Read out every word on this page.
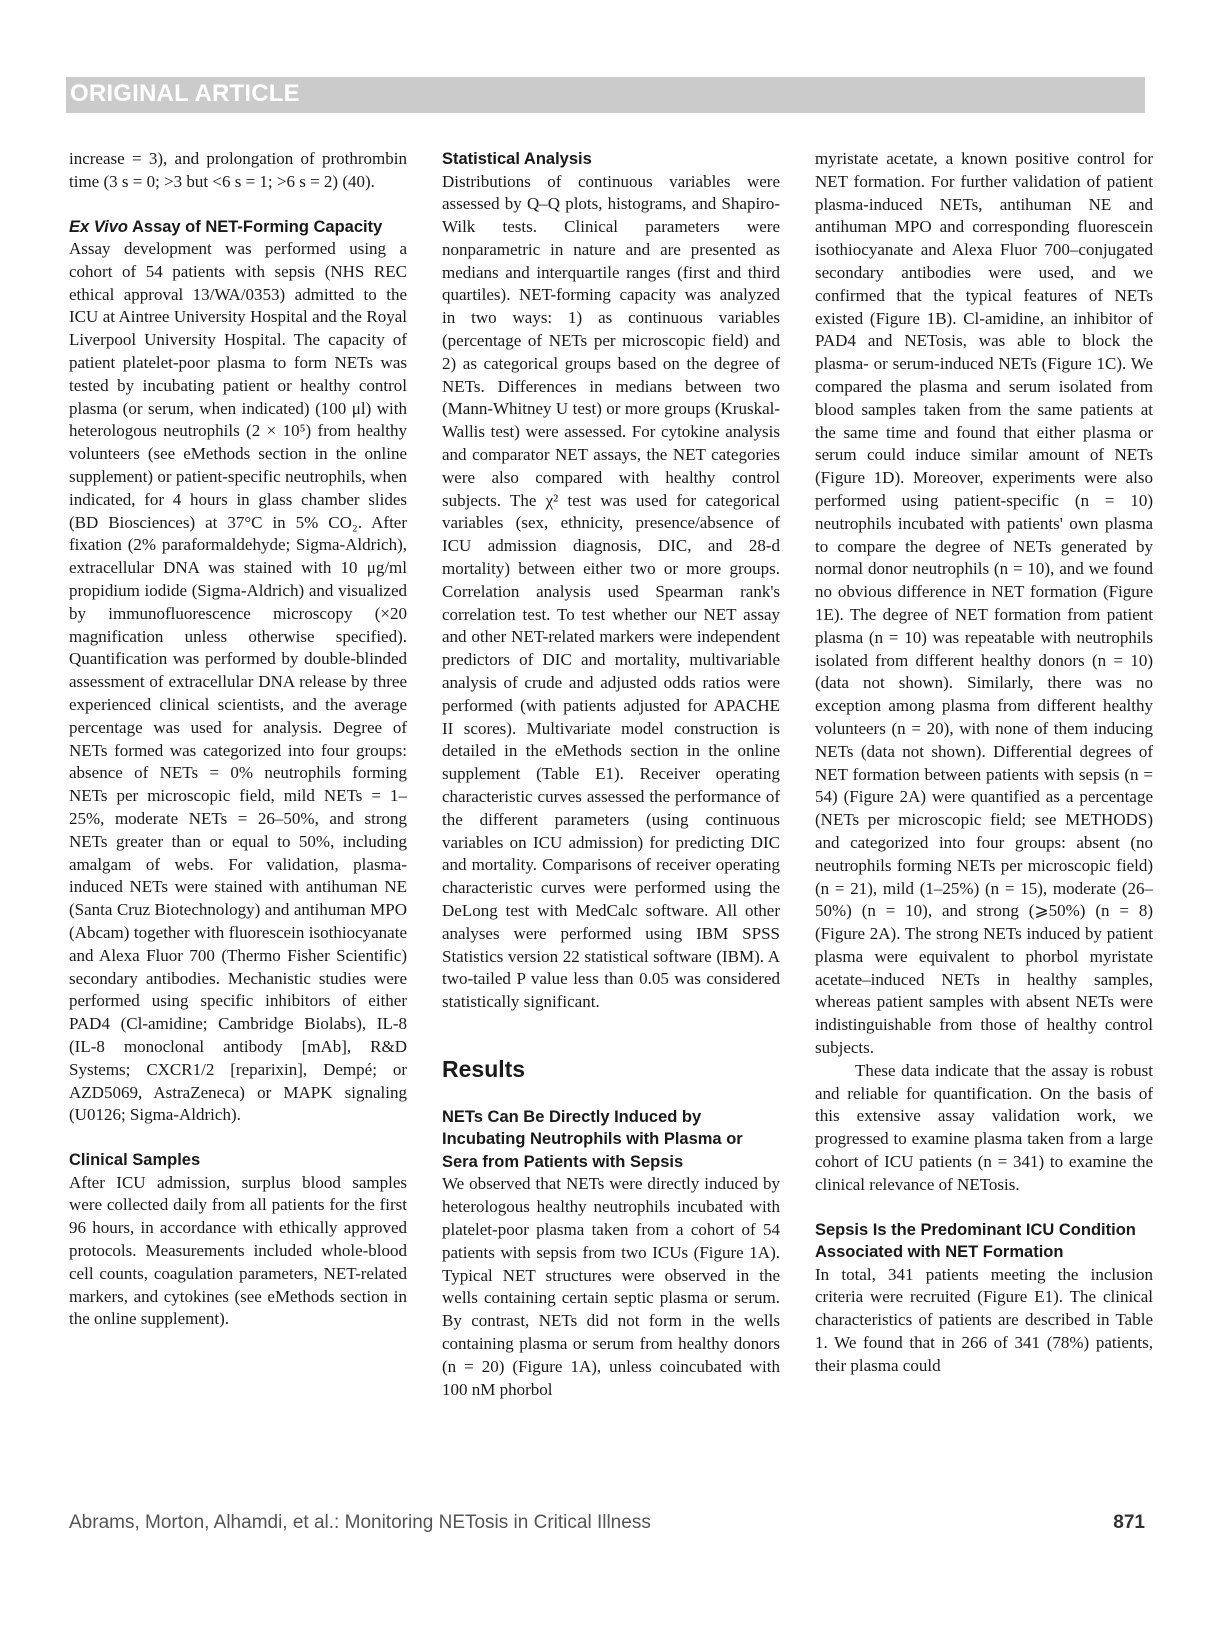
ORIGINAL ARTICLE

increase = 3), and prolongation of prothrombin time (3 s = 0; >3 but <6 s = 1; >6 s = 2) (40).

Ex Vivo Assay of NET-Forming Capacity

Assay development was performed using a cohort of 54 patients with sepsis (NHS REC ethical approval 13/WA/0353) admitted to the ICU at Aintree University Hospital and the Royal Liverpool University Hospital. The capacity of patient platelet-poor plasma to form NETs was tested by incubating patient or healthy control plasma (or serum, when indicated) (100 μl) with heterologous neutrophils (2 × 10⁵) from healthy volunteers (see eMethods section in the online supplement) or patient-specific neutrophils, when indicated, for 4 hours in glass chamber slides (BD Biosciences) at 37°C in 5% CO₂. After fixation (2% paraformaldehyde; Sigma-Aldrich), extracellular DNA was stained with 10 μg/ml propidium iodide (Sigma-Aldrich) and visualized by immunofluorescence microscopy (×20 magnification unless otherwise specified). Quantification was performed by double-blinded assessment of extracellular DNA release by three experienced clinical scientists, and the average percentage was used for analysis. Degree of NETs formed was categorized into four groups: absence of NETs = 0% neutrophils forming NETs per microscopic field, mild NETs = 1–25%, moderate NETs = 26–50%, and strong NETs greater than or equal to 50%, including amalgam of webs. For validation, plasma-induced NETs were stained with antihuman NE (Santa Cruz Biotechnology) and antihuman MPO (Abcam) together with fluorescein isothiocyanate and Alexa Fluor 700 (Thermo Fisher Scientific) secondary antibodies. Mechanistic studies were performed using specific inhibitors of either PAD4 (Cl-amidine; Cambridge Biolabs), IL-8 (IL-8 monoclonal antibody [mAb], R&D Systems; CXCR1/2 [reparixin], Dempé; or AZD5069, AstraZeneca) or MAPK signaling (U0126; Sigma-Aldrich).

Clinical Samples

After ICU admission, surplus blood samples were collected daily from all patients for the first 96 hours, in accordance with ethically approved protocols. Measurements included whole-blood cell counts, coagulation parameters, NET-related markers, and cytokines (see eMethods section in the online supplement).

Statistical Analysis

Distributions of continuous variables were assessed by Q–Q plots, histograms, and Shapiro-Wilk tests. Clinical parameters were nonparametric in nature and are presented as medians and interquartile ranges (first and third quartiles). NET-forming capacity was analyzed in two ways: 1) as continuous variables (percentage of NETs per microscopic field) and 2) as categorical groups based on the degree of NETs. Differences in medians between two (Mann-Whitney U test) or more groups (Kruskal-Wallis test) were assessed. For cytokine analysis and comparator NET assays, the NET categories were also compared with healthy control subjects. The χ² test was used for categorical variables (sex, ethnicity, presence/absence of ICU admission diagnosis, DIC, and 28-d mortality) between either two or more groups. Correlation analysis used Spearman rank's correlation test. To test whether our NET assay and other NET-related markers were independent predictors of DIC and mortality, multivariable analysis of crude and adjusted odds ratios were performed (with patients adjusted for APACHE II scores). Multivariate model construction is detailed in the eMethods section in the online supplement (Table E1). Receiver operating characteristic curves assessed the performance of the different parameters (using continuous variables on ICU admission) for predicting DIC and mortality. Comparisons of receiver operating characteristic curves were performed using the DeLong test with MedCalc software. All other analyses were performed using IBM SPSS Statistics version 22 statistical software (IBM). A two-tailed P value less than 0.05 was considered statistically significant.

Results
NETs Can Be Directly Induced by Incubating Neutrophils with Plasma or Sera from Patients with Sepsis

We observed that NETs were directly induced by heterologous healthy neutrophils incubated with platelet-poor plasma taken from a cohort of 54 patients with sepsis from two ICUs (Figure 1A). Typical NET structures were observed in the wells containing certain septic plasma or serum. By contrast, NETs did not form in the wells containing plasma or serum from healthy donors (n = 20) (Figure 1A), unless coincubated with 100 nM phorbol

myristate acetate, a known positive control for NET formation. For further validation of patient plasma-induced NETs, antihuman NE and antihuman MPO and corresponding fluorescein isothiocyanate and Alexa Fluor 700–conjugated secondary antibodies were used, and we confirmed that the typical features of NETs existed (Figure 1B). Cl-amidine, an inhibitor of PAD4 and NETosis, was able to block the plasma- or serum-induced NETs (Figure 1C). We compared the plasma and serum isolated from blood samples taken from the same patients at the same time and found that either plasma or serum could induce similar amount of NETs (Figure 1D). Moreover, experiments were also performed using patient-specific (n = 10) neutrophils incubated with patients' own plasma to compare the degree of NETs generated by normal donor neutrophils (n = 10), and we found no obvious difference in NET formation (Figure 1E). The degree of NET formation from patient plasma (n = 10) was repeatable with neutrophils isolated from different healthy donors (n = 10) (data not shown). Similarly, there was no exception among plasma from different healthy volunteers (n = 20), with none of them inducing NETs (data not shown). Differential degrees of NET formation between patients with sepsis (n = 54) (Figure 2A) were quantified as a percentage (NETs per microscopic field; see METHODS) and categorized into four groups: absent (no neutrophils forming NETs per microscopic field) (n = 21), mild (1–25%) (n = 15), moderate (26–50%) (n = 10), and strong (⩾50%) (n = 8) (Figure 2A). The strong NETs induced by patient plasma were equivalent to phorbol myristate acetate–induced NETs in healthy samples, whereas patient samples with absent NETs were indistinguishable from those of healthy control subjects.

These data indicate that the assay is robust and reliable for quantification. On the basis of this extensive assay validation work, we progressed to examine plasma taken from a large cohort of ICU patients (n = 341) to examine the clinical relevance of NETosis.

Sepsis Is the Predominant ICU Condition Associated with NET Formation

In total, 341 patients meeting the inclusion criteria were recruited (Figure E1). The clinical characteristics of patients are described in Table 1. We found that in 266 of 341 (78%) patients, their plasma could

Abrams, Morton, Alhamdi, et al.: Monitoring NETosis in Critical Illness	871
